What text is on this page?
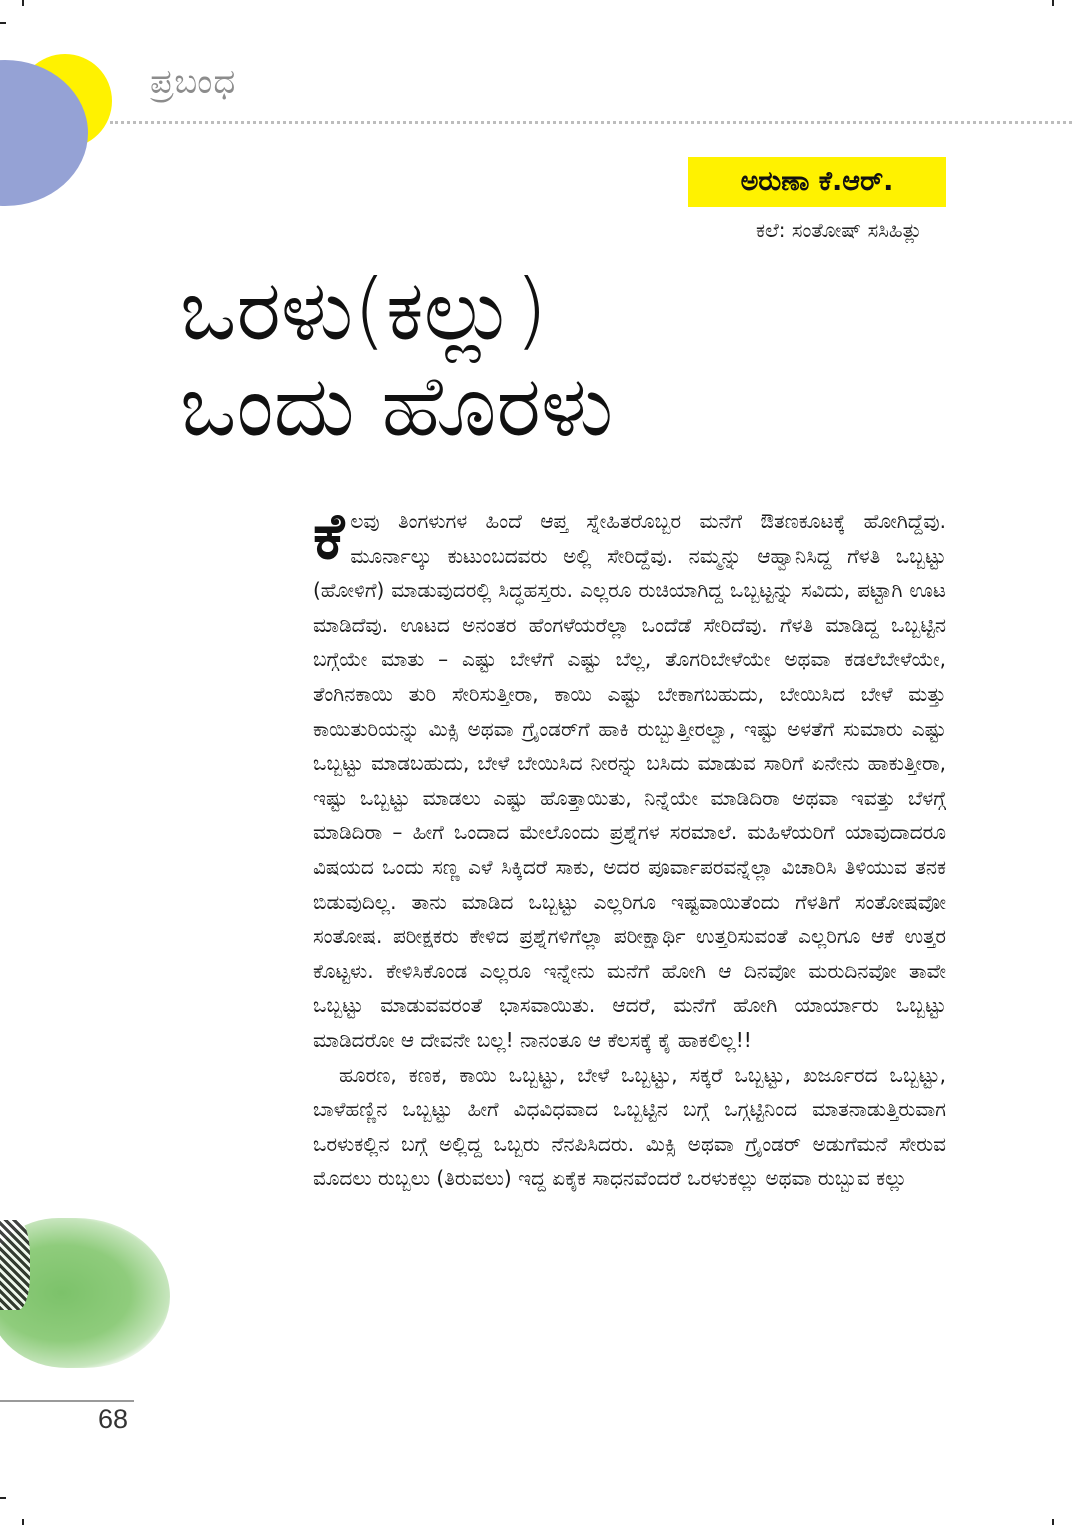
ಪ್ರಬಂಧ
ಅರುಣಾ ಕೆ.ಆರ್.
ಕಲೆ: ಸಂತೋಷ್ ಸಸಿಹಿತ್ಲು
ಒರಳು(ಕಲ್ಲು)
ಒಂದು ಹೊರಳು

ಕೆ ಲವು ತಿಂಗಳುಗಳ ಹಿಂದೆ ಆಪ್ತ ಸ್ನೇಹಿತರೊಬ್ಬರ ಮನೆಗೆ ಔತಣಕೂಟಕ್ಕೆ ಹೋಗಿದ್ದೆವು. ಮೂರ್ನಾಲ್ಕು ಕುಟುಂಬದವರು ಅಲ್ಲಿ ಸೇರಿದ್ದೆವು. ನಮ್ಮನ್ನು ಆಹ್ವಾನಿಸಿದ್ದ ಗೆಳತಿ ಒಬ್ಬಟ್ಟು (ಹೋಳಿಗೆ) ಮಾಡುವುದರಲ್ಲಿ ಸಿದ್ಧಹಸ್ತರು. ಎಲ್ಲರೂ ರುಚಿಯಾಗಿದ್ದ ಒಬ್ಬಟ್ಟನ್ನು ಸವಿದು, ಪಟ್ಟಾಗಿ ಊಟ ಮಾಡಿದೆವು. ಊಟದ ಅನಂತರ ಹೆಂಗಳೆಯರೆಲ್ಲಾ ಒಂದೆಡೆ ಸೇರಿದೆವು. ಗೆಳತಿ ಮಾಡಿದ್ದ ಒಬ್ಬಟ್ಟಿನ ಬಗ್ಗೆಯೇ ಮಾತು – ಎಷ್ಟು ಬೇಳೆಗೆ ಎಷ್ಟು ಬೆಲ್ಲ, ತೊಗರಿಬೇಳೆಯೇ ಅಥವಾ ಕಡಲೆಬೇಳೆಯೇ, ತೆಂಗಿನಕಾಯಿ ತುರಿ ಸೇರಿಸುತ್ತೀರಾ, ಕಾಯಿ ಎಷ್ಟು ಬೇಕಾಗಬಹುದು, ಬೇಯಿಸಿದ ಬೇಳೆ ಮತ್ತು ಕಾಯಿತುರಿಯನ್ನು ಮಿಕ್ಸಿ ಅಥವಾ ಗ್ರೈಂಡರ್‌ಗೆ ಹಾಕಿ ರುಬ್ಬುತ್ತೀರಲ್ವಾ, ಇಷ್ಟು ಅಳತೆಗೆ ಸುಮಾರು ಎಷ್ಟು ಒಬ್ಬಟ್ಟು ಮಾಡಬಹುದು, ಬೇಳೆ ಬೇಯಿಸಿದ ನೀರನ್ನು ಬಸಿದು ಮಾಡುವ ಸಾರಿಗೆ ಏನೇನು ಹಾಕುತ್ತೀರಾ, ಇಷ್ಟು ಒಬ್ಬಟ್ಟು ಮಾಡಲು ಎಷ್ಟು ಹೊತ್ತಾಯಿತು, ನಿನ್ನೆಯೇ ಮಾಡಿದಿರಾ ಅಥವಾ ಇವತ್ತು ಬೆಳಗ್ಗೆ ಮಾಡಿದಿರಾ – ಹೀಗೆ ಒಂದಾದ ಮೇಲೊಂದು ಪ್ರಶ್ನೆಗಳ ಸರಮಾಲೆ. ಮಹಿಳೆಯರಿಗೆ ಯಾವುದಾದರೂ ವಿಷಯದ ಒಂದು ಸಣ್ಣ ಎಳೆ ಸಿಕ್ಕಿದರೆ ಸಾಕು, ಅದರ ಪೂರ್ವಾಪರವನ್ನೆಲ್ಲಾ ವಿಚಾರಿಸಿ ತಿಳಿಯುವ ತನಕ ಬಿಡುವುದಿಲ್ಲ. ತಾನು ಮಾಡಿದ ಒಬ್ಬಟ್ಟು ಎಲ್ಲರಿಗೂ ಇಷ್ಟವಾಯಿತೆಂದು ಗೆಳತಿಗೆ ಸಂತೋಷವೋ ಸಂತೋಷ. ಪರೀಕ್ಷಕರು ಕೇಳಿದ ಪ್ರಶ್ನೆಗಳಿಗೆಲ್ಲಾ ಪರೀಕ್ಷಾರ್ಥಿ ಉತ್ತರಿಸುವಂತೆ ಎಲ್ಲರಿಗೂ ಆಕೆ ಉತ್ತರ ಕೊಟ್ಟಳು. ಕೇಳಿಸಿಕೊಂಡ ಎಲ್ಲರೂ ಇನ್ನೇನು ಮನೆಗೆ ಹೋಗಿ ಆ ದಿನವೋ ಮರುದಿನವೋ ತಾವೇ ಒಬ್ಬಟ್ಟು ಮಾಡುವವರಂತೆ ಭಾಸವಾಯಿತು. ಆದರೆ, ಮನೆಗೆ ಹೋಗಿ ಯಾರ್ಯಾರು ಒಬ್ಬಟ್ಟು ಮಾಡಿದರೋ ಆ ದೇವನೇ ಬಲ್ಲ! ನಾನಂತೂ ಆ ಕೆಲಸಕ್ಕೆ ಕೈ ಹಾಕಲಿಲ್ಲ!!

ಹೂರಣ, ಕಣಕ, ಕಾಯಿ ಒಬ್ಬಟ್ಟು, ಬೇಳೆ ಒಬ್ಬಟ್ಟು, ಸಕ್ಕರೆ ಒಬ್ಬಟ್ಟು, ಖರ್ಜೂರದ ಒಬ್ಬಟ್ಟು, ಬಾಳೆಹಣ್ಣಿನ ಒಬ್ಬಟ್ಟು ಹೀಗೆ ವಿಧವಿಧವಾದ ಒಬ್ಬಟ್ಟಿನ ಬಗ್ಗೆ ಒಗ್ಗಟ್ಟಿನಿಂದ ಮಾತನಾಡುತ್ತಿರುವಾಗ ಒರಳುಕಲ್ಲಿನ ಬಗ್ಗೆ ಅಲ್ಲಿದ್ದ ಒಬ್ಬರು ನೆನಪಿಸಿದರು. ಮಿಕ್ಸಿ ಅಥವಾ ಗ್ರೈಂಡರ್ ಅಡುಗೆಮನೆ ಸೇರುವ ಮೊದಲು ರುಬ್ಬಲು (ತಿರುವಲು) ಇದ್ದ ಏಕೈಕ ಸಾಧನವೆಂದರೆ ಒರಳುಕಲ್ಲು ಅಥವಾ ರುಬ್ಬುವ ಕಲ್ಲು

68
